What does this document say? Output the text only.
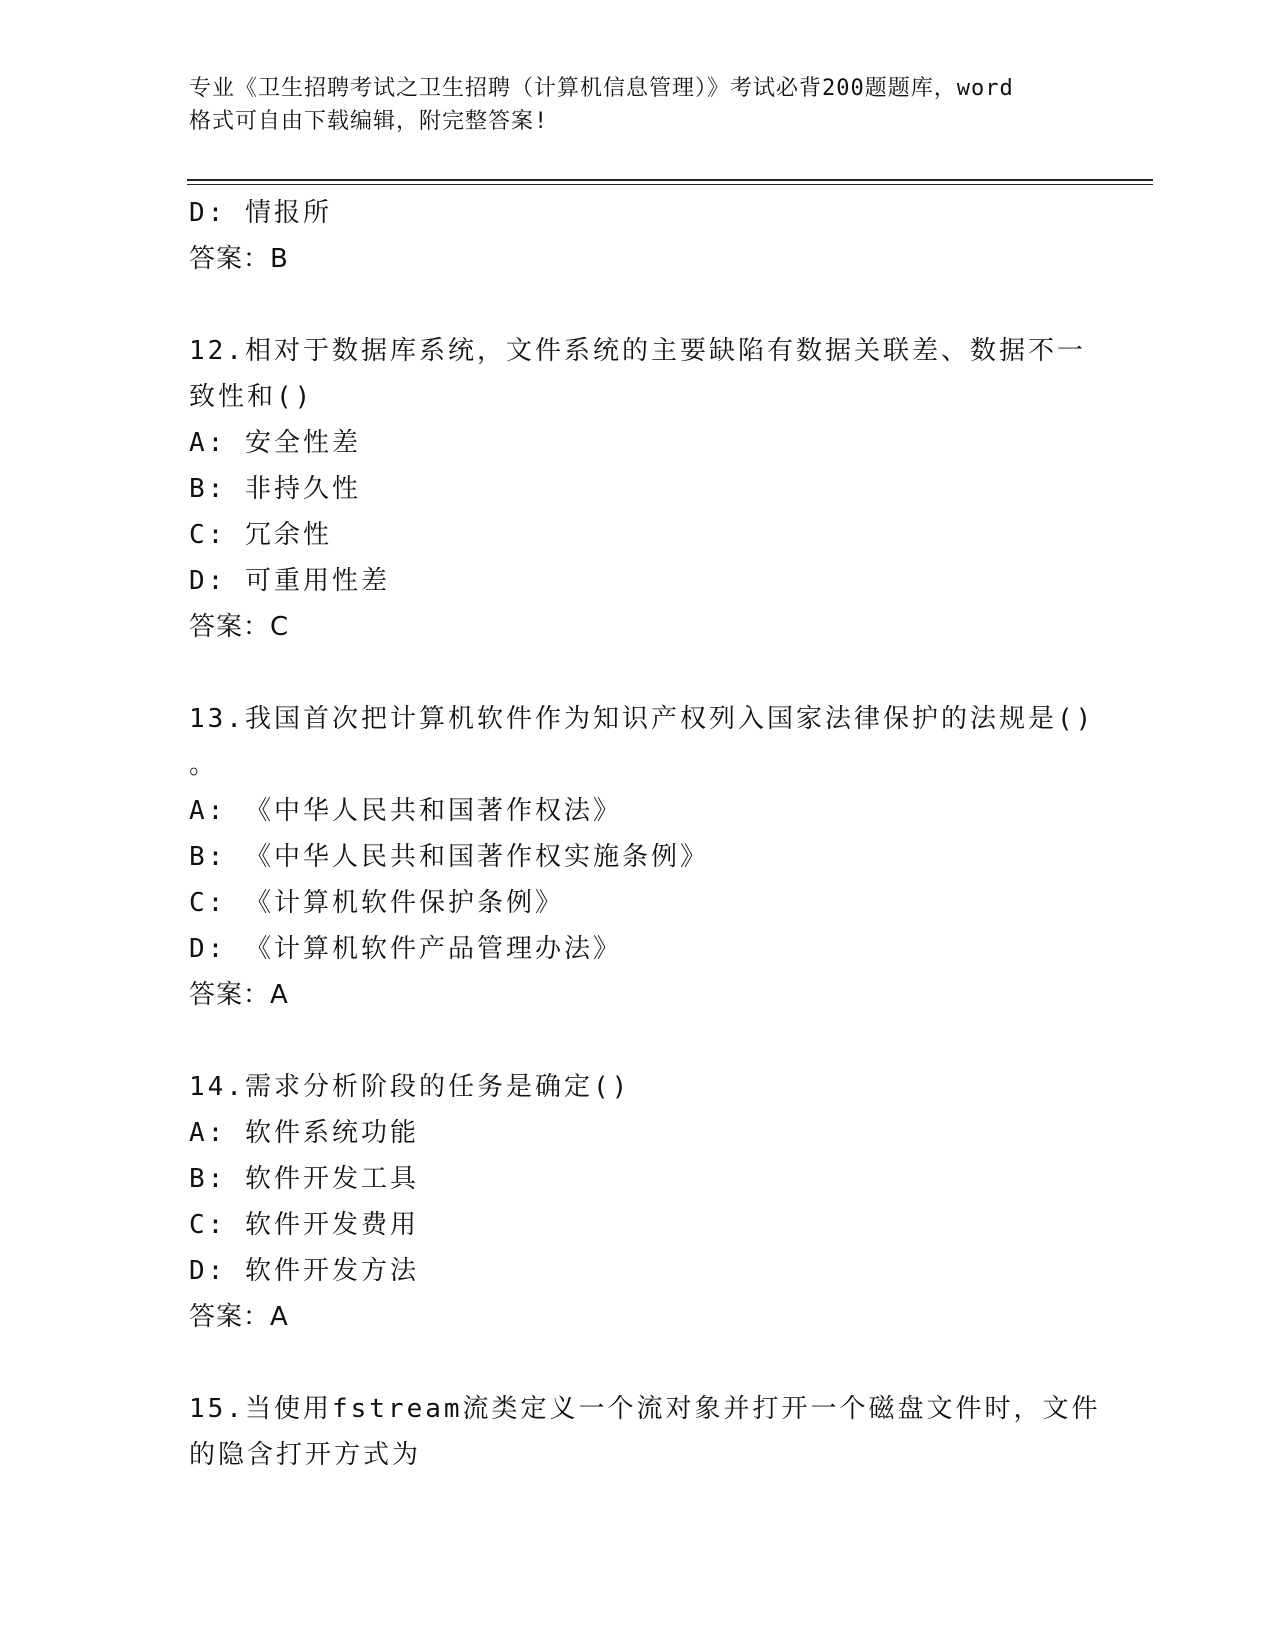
专业《卫生招聘考试之卫生招聘（计算机信息管理）》考试必背200题题库，word
格式可自由下载编辑，附完整答案!
D: 情报所
答案：B
12.相对于数据库系统，文件系统的主要缺陷有数据关联差、数据不一
致性和()
A: 安全性差
B: 非持久性
C: 冗余性
D: 可重用性差
答案：C
13.我国首次把计算机软件作为知识产权列入国家法律保护的法规是()
。
A: 《中华人民共和国著作权法》
B: 《中华人民共和国著作权实施条例》
C: 《计算机软件保护条例》
D: 《计算机软件产品管理办法》
答案：A
14.需求分析阶段的任务是确定()
A: 软件系统功能
B: 软件开发工具
C: 软件开发费用
D: 软件开发方法
答案：A
15.当使用fstream流类定义一个流对象并打开一个磁盘文件时，文件
的隐含打开方式为
